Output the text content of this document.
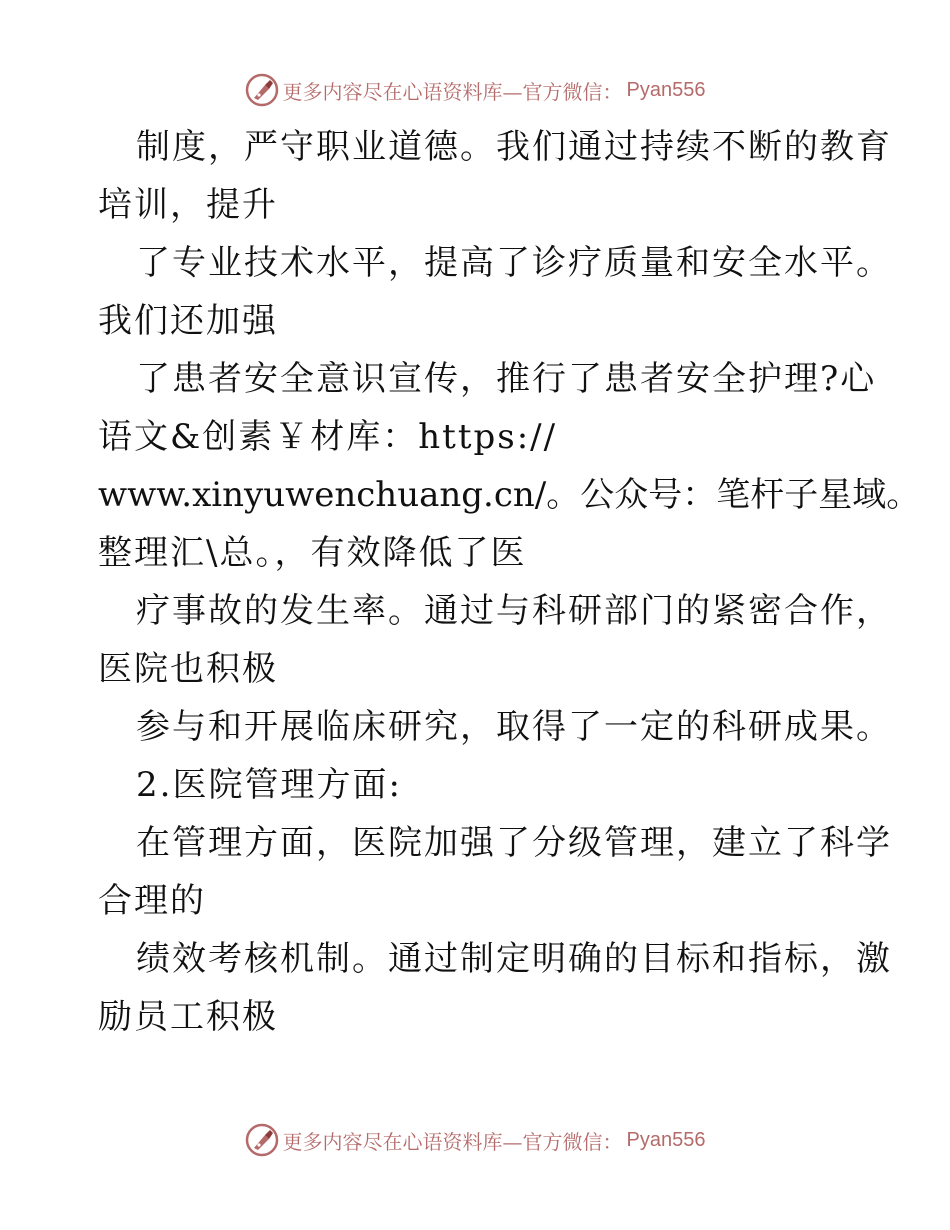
更多内容尽在心语资料库—官方微信： Pyan556
制度，严守职业道德。我们通过持续不断的教育
培训，提升
了专业技术水平，提高了诊疗质量和安全水平。
我们还加强
了患者安全意识宣传，推行了患者安全护理?心
语文&创素￥材库：https://
www.xinyuwenchuang.cn/。公众号：笔杆子星域。
整理汇\总。，有效降低了医
疗事故的发生率。通过与科研部门的紧密合作，
医院也积极
参与和开展临床研究，取得了一定的科研成果。
2.医院管理方面:
在管理方面，医院加强了分级管理，建立了科学
合理的
绩效考核机制。通过制定明确的目标和指标，激
励员工积极
更多内容尽在心语资料库—官方微信： Pyan556
